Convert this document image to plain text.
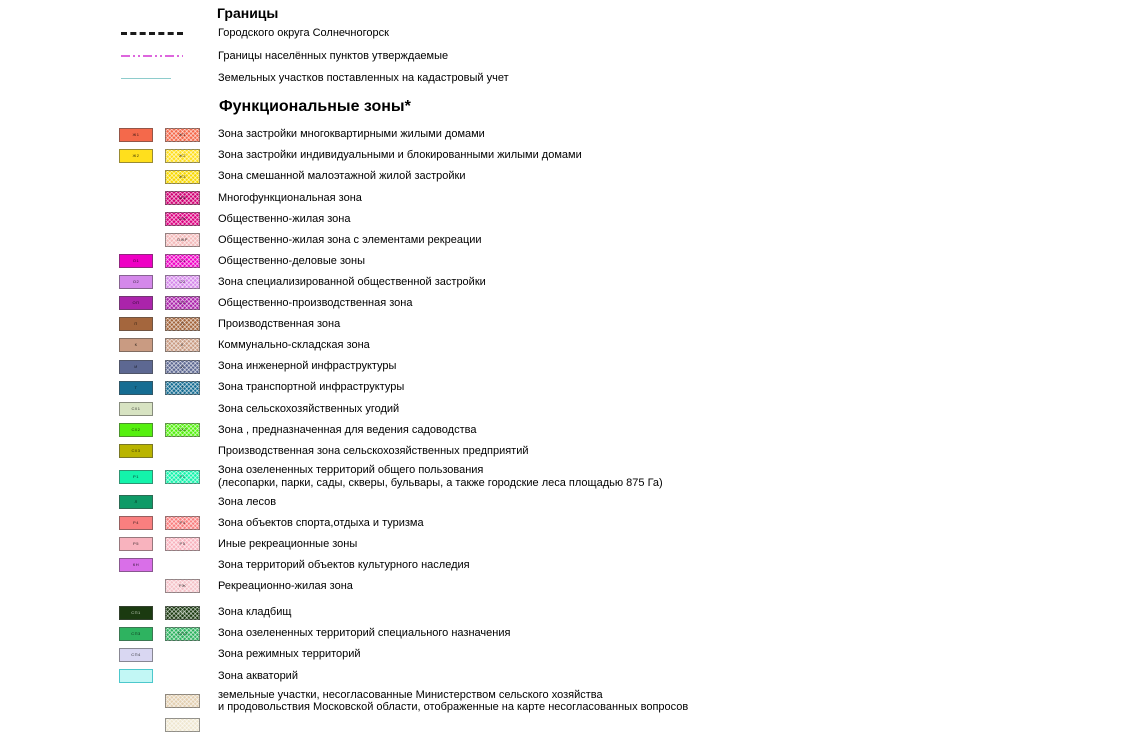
Границы
Городского округа Солнечногорск
Границы населённых пунктов утверждаемые
Земельных участков поставленных на кадастровый учет
Функциональные зоны*
Ж1	Ж1	Зона застройки многоквартирными жилыми домами
Ж2	Ж2	Зона застройки индивидуальными и блокированными жилыми домами
Ж3	Зона смешанной малоэтажной жилой застройки
МФ	Многофункциональная зона
ОЖ	Общественно-жилая зона
ОЖР	Общественно-жилая зона с элементами рекреации
О1	О1	Общественно-деловые зоны
О2	О2	Зона специализированной общественной застройки
ОП	ОП	Общественно-производственная зона
П	П	Производственная зона
К	К	Коммунально-складская зона
И	И	Зона инженерной инфраструктуры
Т	Т	Зона транспортной инфраструктуры
СХ1	Зона сельскохозяйственных угодий
СХ2	СХ2	Зона , предназначенная для ведения садоводства
СХ3	Производственная зона сельскохозяйственных предприятий
Р1	Р1	Зона озелененных территорий общего пользования
(лесопарки, парки, сады, скверы, бульвары, а также городские леса площадью 875 Га)
Л	Зона лесов
Р4	Р4	Зона объектов спорта,отдыха и туризма
Р5	Р5	Иные рекреационные зоны
КН	Зона территорий объектов культурного наследия
РЖ	Рекреационно-жилая зона
СП1	СП1	Зона кладбищ
СП3	СП3	Зона озелененных территорий специального назначения
СП4	Зона режимных территорий
Зона акваторий
земельные участки, несогласованные Министерством сельского хозяйства
и продовольствия Московской области, отображенные на карте несогласованных вопросов
